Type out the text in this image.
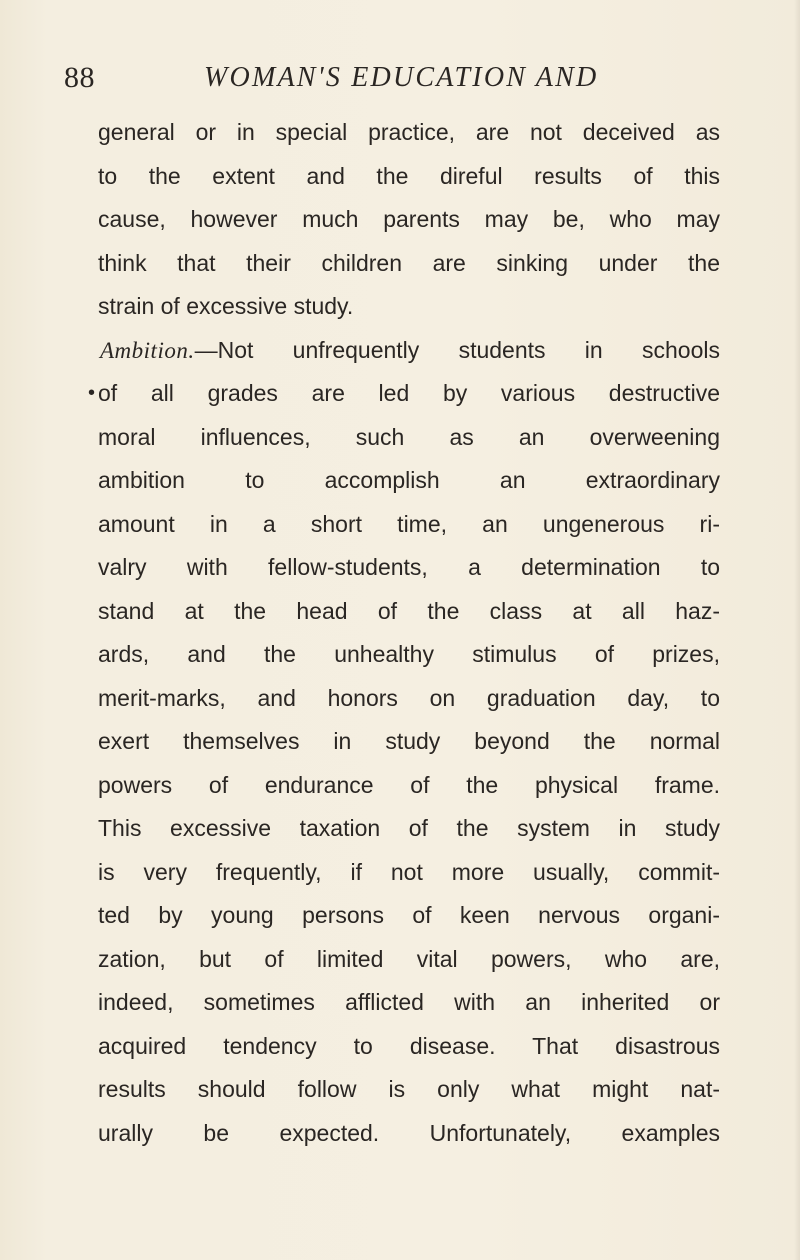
88	WOMAN'S EDUCATION AND
general or in special practice, are not deceived as
to the extent and the direful results of this
cause, however much parents may be, who may
think that their children are sinking under the
strain of excessive study.
Ambition.—Not unfrequently students in schools
• of all grades are led by various destructive
moral influences, such as an overweening
ambition to accomplish an extraordinary
amount in a short time, an ungenerous ri-
valry with fellow-students, a determination to
stand at the head of the class at all haz-
ards, and the unhealthy stimulus of prizes,
merit-marks, and honors on graduation day, to
exert themselves in study beyond the normal
powers of endurance of the physical frame.
This excessive taxation of the system in study
is very frequently, if not more usually, commit-
ted by young persons of keen nervous organi-
zation, but of limited vital powers, who are,
indeed, sometimes afflicted with an inherited or
acquired tendency to disease. That disastrous
results should follow is only what might nat-
urally be expected. Unfortunately, examples
